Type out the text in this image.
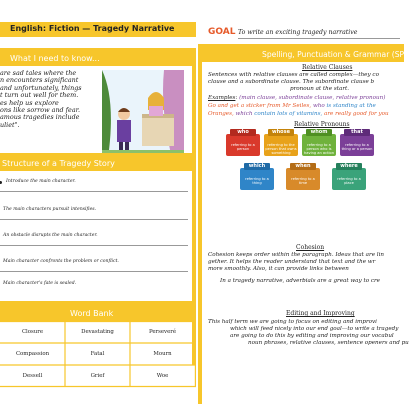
English: Fiction — Tragedy Narrative
What I need to know...
are sad tales where the
n encounters significant
and unfortunately, things
t turn out well for them.
es help us explore
ons like sorrow and fear.
amous tragedies include
uliet".
Structure of a Tragedy Story
Introduce the main character.
The main characters pursuit intensifies.
An obstacle disrupts the main character.
Main character confronts the problem or conflict.
Main character's fate is sealed.
Word Bank
Closure	Devastating	Perseveré
Compassion	Fatal	Mourn
Dessell	Grief	Woe
GOAL To write an exciting tragedy narrative
Spelling, Punctuation & Grammar (SPaG)
Relative Clauses
Sentences with relative clauses are called complex—they co
clause and a subordinate clause. The subordinate clause b
pronoun at the start.
Examples: (main clause, subordinate clause, relative pronoun)
Go and get a sticker from Mr Seiles, who is standing at the
Oranges, which contain lots of vitamins, are really good for you
Relative Pronouns
who
referring to a person
whose
referring to the person that owns something
whom
referring to a person who is having an action
that
referring to a thing or a person
which
referring to a thing
when
referring to a time
where
referring to a place
Cohesion
Cohesion keeps order within the paragraph. Ideas that are lin
gether. It helps the reader understand that text and the wr
more smoothly. Also, it can provide links between
In a tragedy narrative, adverbials are a great way to cre
Editing and Improving
This half term we are going to focus on editing and improvi
which will feed nicely into our end goal—to write a tragedy
are going to do this by editing and improving our vocabul
noun phrases, relative clauses, sentence openers and pu
